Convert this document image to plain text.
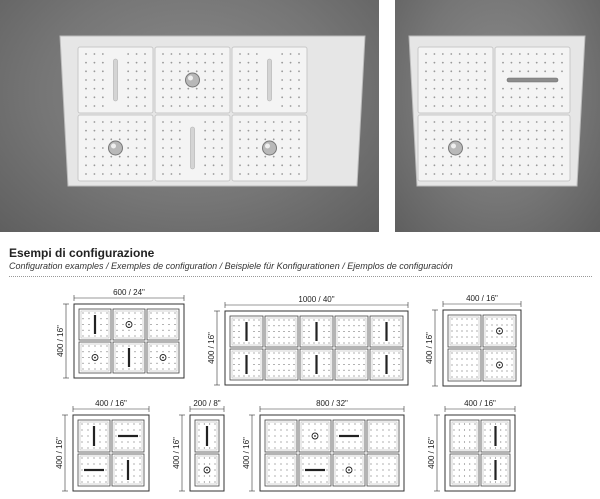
Esempi di configurazione
Configuration examples / Exemples de configuration / Beispiele für Konfigurationen / Ejemplos de configuración
600 / 24"
400 / 16"
1000 / 40"
400 / 16"
400 / 16"
400 / 16"
400 / 16"
400 / 16"
200 / 8"
400 / 16"
800 / 32"
400 / 16"
400 / 16"
400 / 16"
